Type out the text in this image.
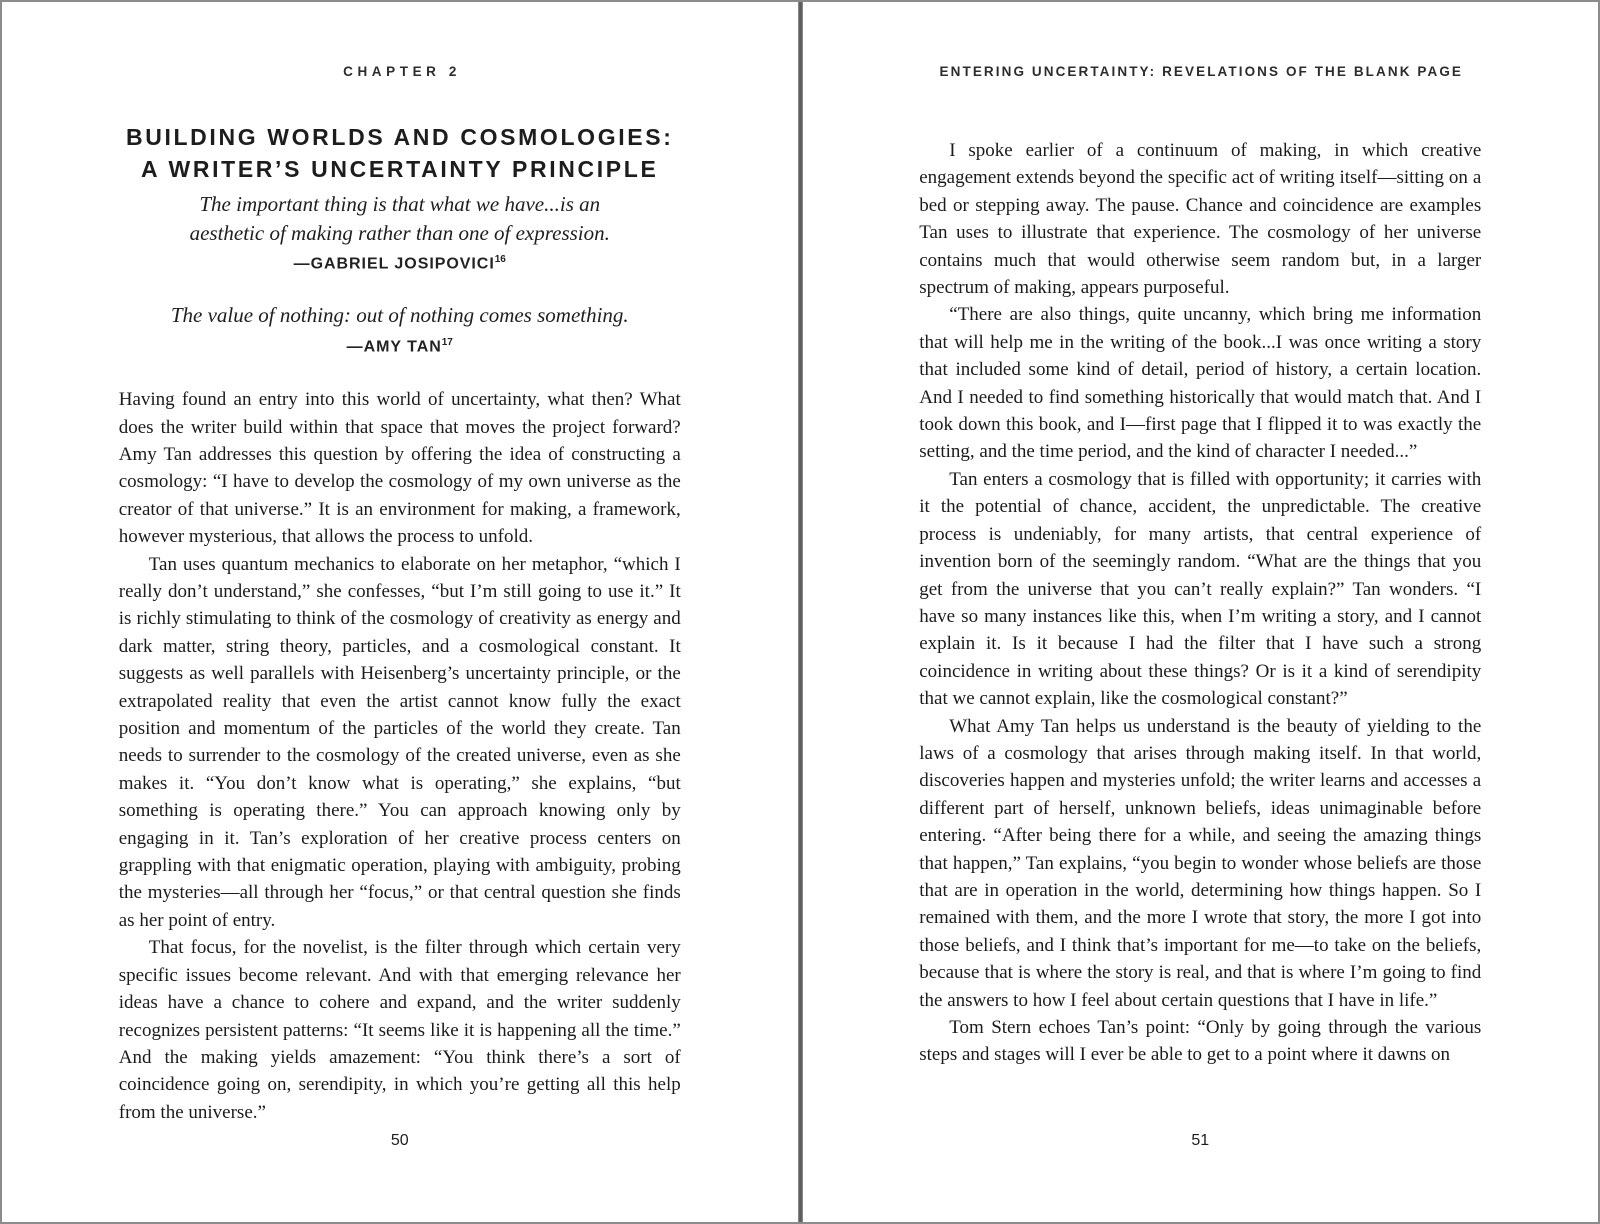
CHAPTER 2
BUILDING WORLDS AND COSMOLOGIES:
A WRITER’S UNCERTAINTY PRINCIPLE

The important thing is that what we have...is an

aesthetic of making rather than one of expression.

—GABRIEL JOSIPOVICI$^{16}$

The value of nothing: out of nothing comes something.

—AMY TAN$^{17}$

Having found an entry into this world of uncertainty, what then? What does the writer build within that space that moves the project forward? Amy Tan addresses this question by offering the idea of constructing a cosmology: “I have to develop the cosmology of my own universe as the creator of that universe.” It is an environment for making, a framework, however mysterious, that allows the process to unfold.

Tan uses quantum mechanics to elaborate on her metaphor, “which I really don’t understand,” she confesses, “but I’m still going to use it.” It is richly stimulating to think of the cosmology of creativity as energy and dark matter, string theory, particles, and a cosmological constant. It suggests as well parallels with Heisenberg’s uncertainty principle, or the extrapolated reality that even the artist cannot know fully the exact position and momentum of the particles of the world they create. Tan needs to surrender to the cosmology of the created universe, even as she makes it. “You don’t know what is operating,” she explains, “but something is operating there.” You can approach knowing only by engaging in it. Tan’s exploration of her creative process centers on grappling with that enigmatic operation, playing with ambiguity, probing the mysteries—all through her “focus,” or that central question she finds as her point of entry.

That focus, for the novelist, is the filter through which certain very specific issues become relevant. And with that emerging relevance her ideas have a chance to cohere and expand, and the writer suddenly recognizes persistent patterns: “It seems like it is happening all the time.” And the making yields amazement: “You think there’s a sort of coincidence going on, serendipity, in which you’re getting all this help from the universe.”

50
ENTERING UNCERTAINTY: REVELATIONS OF THE BLANK PAGE

I spoke earlier of a continuum of making, in which creative engagement extends beyond the specific act of writing itself—sitting on a bed or stepping away. The pause. Chance and coincidence are examples Tan uses to illustrate that experience. The cosmology of her universe contains much that would otherwise seem random but, in a larger spectrum of making, appears purposeful.

“There are also things, quite uncanny, which bring me information that will help me in the writing of the book...I was once writing a story that included some kind of detail, period of history, a certain location. And I needed to find something historically that would match that. And I took down this book, and I—first page that I flipped it to was exactly the setting, and the time period, and the kind of character I needed...”

Tan enters a cosmology that is filled with opportunity; it carries with it the potential of chance, accident, the unpredictable. The creative process is undeniably, for many artists, that central experience of invention born of the seemingly random. “What are the things that you get from the universe that you can’t really explain?” Tan wonders. “I have so many instances like this, when I’m writing a story, and I cannot explain it. Is it because I had the filter that I have such a strong coincidence in writing about these things? Or is it a kind of serendipity that we cannot explain, like the cosmological constant?”

What Amy Tan helps us understand is the beauty of yielding to the laws of a cosmology that arises through making itself. In that world, discoveries happen and mysteries unfold; the writer learns and accesses a different part of herself, unknown beliefs, ideas unimaginable before entering. “After being there for a while, and seeing the amazing things that happen,” Tan explains, “you begin to wonder whose beliefs are those that are in operation in the world, determining how things happen. So I remained with them, and the more I wrote that story, the more I got into those beliefs, and I think that’s important for me—to take on the beliefs, because that is where the story is real, and that is where I’m going to find the answers to how I feel about certain questions that I have in life.”

Tom Stern echoes Tan’s point: “Only by going through the various steps and stages will I ever be able to get to a point where it dawns on

51
